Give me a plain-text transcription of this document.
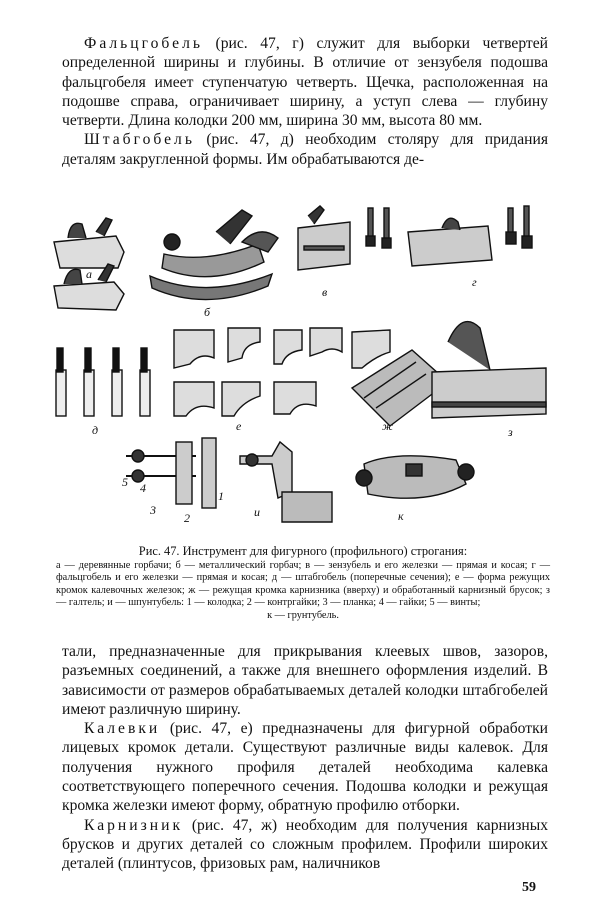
Фальцгобель (рис. 47, г) служит для выборки четвертей определенной ширины и глубины. В отличие от зензубеля подошва фальцгобеля имеет ступенчатую четверть. Щечка, расположенная на подошве справа, ограничивает ширину, а уступ слева — глубину четверти. Длина колодки 200 мм, ширина 30 мм, высота 80 мм.

Штабгобель (рис. 47, д) необходим столяру для придания деталям закругленной формы. Им обрабатываются де-

а
б
в
г
д	е	ж	з
и	к
1
2
3
4
5

Рис. 47. Инструмент для фигурного (профильного) строгания:

а — деревянные горбачи; б — металлический горбач; в — зензубель и его железки — прямая и косая; г — фальцгобель и его железки — прямая и косая; д — штабгобель (поперечные сечения); е — форма режущих кромок калевочных железок; ж — режущая кромка карнизника (вверху) и обработанный карнизный брусок; з — галтель; и — шпунтубель: 1 — колодка; 2 — контргайки; 3 — планка; 4 — гайки; 5 — винты;
к — грунтубель.

тали, предназначенные для прикрывания клеевых швов, зазоров, разъемных соединений, а также для внешнего оформления изделий. В зависимости от размеров обрабатываемых деталей колодки штабгобелей имеют различную ширину.

Калевки (рис. 47, е) предназначены для фигурной обработки лицевых кромок детали. Существуют различные виды калевок. Для получения нужного профиля деталей необходима калевка соответствующего поперечного сечения. Подошва колодки и режущая кромка железки имеют форму, обратную профилю отборки.

Карнизник (рис. 47, ж) необходим для получения карнизных брусков и других деталей со сложным профилем. Профили широких деталей (плинтусов, фризовых рам, наличников

59
